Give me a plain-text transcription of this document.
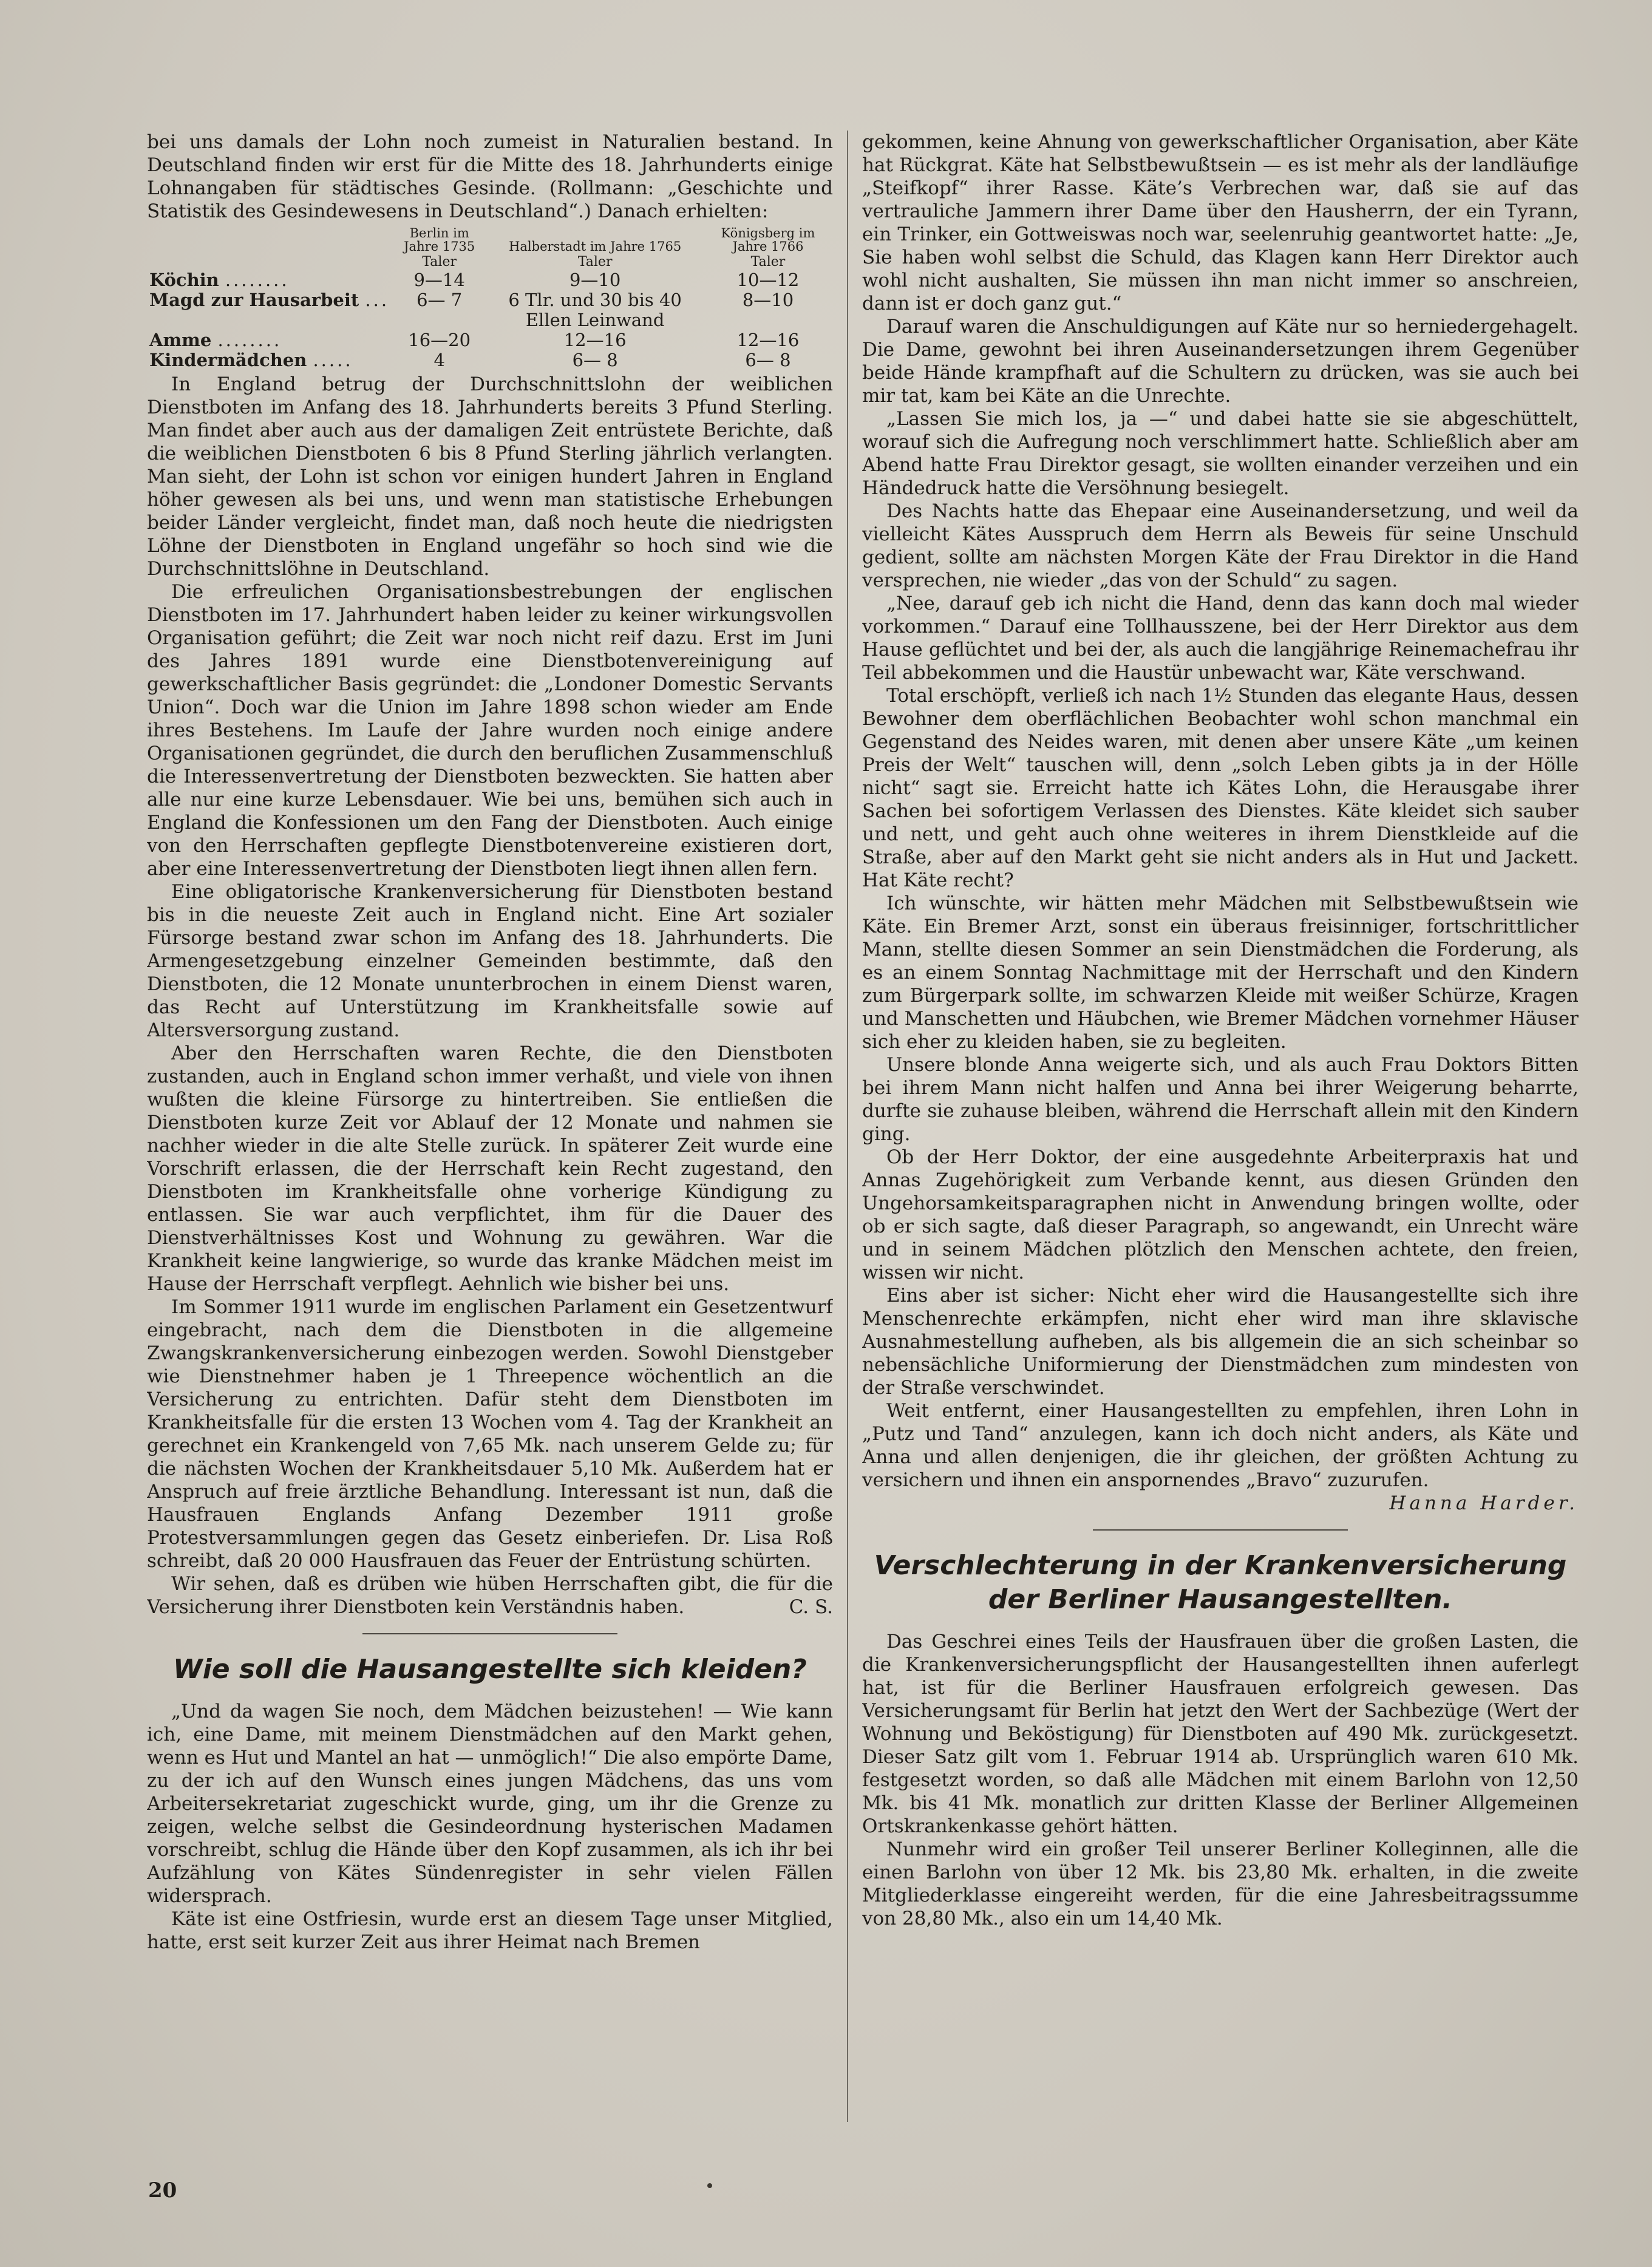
bei uns damals der Lohn noch zumeist in Naturalien bestand. In Deutschland finden wir erst für die Mitte des 18. Jahrhunderts einige Lohnangaben für städtisches Gesinde. (Rollmann: „Geschichte und Statistik des Gesindewesens in Deutschland“.) Danach erhielten:

	Berlin im Jahre 1735	Halberstadt im Jahre 1765	Königsberg im Jahre 1766
	Taler	Taler	Taler
Köchin ........	9—14	9—10	10—12
Magd zur Hausarbeit ...	6— 7	6 Tlr. und 30 bis 40 Ellen Leinwand	8—10
Amme ........	16—20	12—16	12—16
Kindermädchen .....	4	6— 8	6— 8

In England betrug der Durchschnittslohn der weiblichen Dienstboten im Anfang des 18. Jahrhunderts bereits 3 Pfund Sterling. Man findet aber auch aus der damaligen Zeit entrüstete Berichte, daß die weiblichen Dienstboten 6 bis 8 Pfund Sterling jährlich verlangten. Man sieht, der Lohn ist schon vor einigen hundert Jahren in England höher gewesen als bei uns, und wenn man statistische Erhebungen beider Länder vergleicht, findet man, daß noch heute die niedrigsten Löhne der Dienstboten in England ungefähr so hoch sind wie die Durchschnittslöhne in Deutschland.

Die erfreulichen Organisationsbestrebungen der englischen Dienstboten im 17. Jahrhundert haben leider zu keiner wirkungsvollen Organisation geführt; die Zeit war noch nicht reif dazu. Erst im Juni des Jahres 1891 wurde eine Dienstbotenvereinigung auf gewerkschaftlicher Basis gegründet: die „Londoner Domestic Servants Union“. Doch war die Union im Jahre 1898 schon wieder am Ende ihres Bestehens. Im Laufe der Jahre wurden noch einige andere Organisationen gegründet, die durch den beruflichen Zusammenschluß die Interessenvertretung der Dienstboten bezweckten. Sie hatten aber alle nur eine kurze Lebensdauer. Wie bei uns, bemühen sich auch in England die Konfessionen um den Fang der Dienstboten. Auch einige von den Herrschaften gepflegte Dienstbotenvereine existieren dort, aber eine Interessenvertretung der Dienstboten liegt ihnen allen fern.

Eine obligatorische Krankenversicherung für Dienstboten bestand bis in die neueste Zeit auch in England nicht. Eine Art sozialer Fürsorge bestand zwar schon im Anfang des 18. Jahrhunderts. Die Armengesetzgebung einzelner Gemeinden bestimmte, daß den Dienstboten, die 12 Monate ununterbrochen in einem Dienst waren, das Recht auf Unterstützung im Krankheitsfalle sowie auf Altersversorgung zustand.

Aber den Herrschaften waren Rechte, die den Dienstboten zustanden, auch in England schon immer verhaßt, und viele von ihnen wußten die kleine Fürsorge zu hintertreiben. Sie entließen die Dienstboten kurze Zeit vor Ablauf der 12 Monate und nahmen sie nachher wieder in die alte Stelle zurück. In späterer Zeit wurde eine Vorschrift erlassen, die der Herrschaft kein Recht zugestand, den Dienstboten im Krankheitsfalle ohne vorherige Kündigung zu entlassen. Sie war auch verpflichtet, ihm für die Dauer des Dienstverhältnisses Kost und Wohnung zu gewähren. War die Krankheit keine langwierige, so wurde das kranke Mädchen meist im Hause der Herrschaft verpflegt. Aehnlich wie bisher bei uns.

Im Sommer 1911 wurde im englischen Parlament ein Gesetzentwurf eingebracht, nach dem die Dienstboten in die allgemeine Zwangskrankenversicherung einbezogen werden. Sowohl Dienstgeber wie Dienstnehmer haben je 1 Threepence wöchentlich an die Versicherung zu entrichten. Dafür steht dem Dienstboten im Krankheitsfalle für die ersten 13 Wochen vom 4. Tag der Krankheit an gerechnet ein Krankengeld von 7,65 Mk. nach unserem Gelde zu; für die nächsten Wochen der Krankheitsdauer 5,10 Mk. Außerdem hat er Anspruch auf freie ärztliche Behandlung. Interessant ist nun, daß die Hausfrauen Englands Anfang Dezember 1911 große Protestversammlungen gegen das Gesetz einberiefen. Dr. Lisa Roß schreibt, daß 20 000 Hausfrauen das Feuer der Entrüstung schürten.

Wir sehen, daß es drüben wie hüben Herrschaften gibt, die für die Versicherung ihrer Dienstboten kein Verständnis haben.	C. S.

Wie soll die Hausangestellte sich kleiden?

„Und da wagen Sie noch, dem Mädchen beizustehen! — Wie kann ich, eine Dame, mit meinem Dienstmädchen auf den Markt gehen, wenn es Hut und Mantel an hat — unmöglich!“ Die also empörte Dame, zu der ich auf den Wunsch eines jungen Mädchens, das uns vom Arbeitersekretariat zugeschickt wurde, ging, um ihr die Grenze zu zeigen, welche selbst die Gesindeordnung hysterischen Madamen vorschreibt, schlug die Hände über den Kopf zusammen, als ich ihr bei Aufzählung von Kätes Sündenregister in sehr vielen Fällen widersprach.

Käte ist eine Ostfriesin, wurde erst an diesem Tage unser Mitglied, hatte, erst seit kurzer Zeit aus ihrer Heimat nach Bremen

gekommen, keine Ahnung von gewerkschaftlicher Organisation, aber Käte hat Rückgrat. Käte hat Selbstbewußtsein — es ist mehr als der landläufige „Steifkopf“ ihrer Rasse. Käte’s Verbrechen war, daß sie auf das vertrauliche Jammern ihrer Dame über den Hausherrn, der ein Tyrann, ein Trinker, ein Gottweiswas noch war, seelenruhig geantwortet hatte: „Je, Sie haben wohl selbst die Schuld, das Klagen kann Herr Direktor auch wohl nicht aushalten, Sie müssen ihn man nicht immer so anschreien, dann ist er doch ganz gut.“

Darauf waren die Anschuldigungen auf Käte nur so herniedergehagelt. Die Dame, gewohnt bei ihren Auseinandersetzungen ihrem Gegenüber beide Hände krampfhaft auf die Schultern zu drücken, was sie auch bei mir tat, kam bei Käte an die Unrechte.

„Lassen Sie mich los, ja —“ und dabei hatte sie sie abgeschüttelt, worauf sich die Aufregung noch verschlimmert hatte. Schließlich aber am Abend hatte Frau Direktor gesagt, sie wollten einander verzeihen und ein Händedruck hatte die Versöhnung besiegelt.

Des Nachts hatte das Ehepaar eine Auseinandersetzung, und weil da vielleicht Kätes Ausspruch dem Herrn als Beweis für seine Unschuld gedient, sollte am nächsten Morgen Käte der Frau Direktor in die Hand versprechen, nie wieder „das von der Schuld“ zu sagen.

„Nee, darauf geb ich nicht die Hand, denn das kann doch mal wieder vorkommen.“ Darauf eine Tollhausszene, bei der Herr Direktor aus dem Hause geflüchtet und bei der, als auch die langjährige Reinemachefrau ihr Teil abbekommen und die Haustür unbewacht war, Käte verschwand.

Total erschöpft, verließ ich nach 1½ Stunden das elegante Haus, dessen Bewohner dem oberflächlichen Beobachter wohl schon manchmal ein Gegenstand des Neides waren, mit denen aber unsere Käte „um keinen Preis der Welt“ tauschen will, denn „solch Leben gibts ja in der Hölle nicht“ sagt sie. Erreicht hatte ich Kätes Lohn, die Herausgabe ihrer Sachen bei sofortigem Verlassen des Dienstes. Käte kleidet sich sauber und nett, und geht auch ohne weiteres in ihrem Dienstkleide auf die Straße, aber auf den Markt geht sie nicht anders als in Hut und Jackett. Hat Käte recht?

Ich wünschte, wir hätten mehr Mädchen mit Selbstbewußtsein wie Käte. Ein Bremer Arzt, sonst ein überaus freisinniger, fortschrittlicher Mann, stellte diesen Sommer an sein Dienstmädchen die Forderung, als es an einem Sonntag Nachmittage mit der Herrschaft und den Kindern zum Bürgerpark sollte, im schwarzen Kleide mit weißer Schürze, Kragen und Manschetten und Häubchen, wie Bremer Mädchen vornehmer Häuser sich eher zu kleiden haben, sie zu begleiten.

Unsere blonde Anna weigerte sich, und als auch Frau Doktors Bitten bei ihrem Mann nicht halfen und Anna bei ihrer Weigerung beharrte, durfte sie zuhause bleiben, während die Herrschaft allein mit den Kindern ging.

Ob der Herr Doktor, der eine ausgedehnte Arbeiterpraxis hat und Annas Zugehörigkeit zum Verbande kennt, aus diesen Gründen den Ungehorsamkeitsparagraphen nicht in Anwendung bringen wollte, oder ob er sich sagte, daß dieser Paragraph, so angewandt, ein Unrecht wäre und in seinem Mädchen plötzlich den Menschen achtete, den freien, wissen wir nicht.

Eins aber ist sicher: Nicht eher wird die Hausangestellte sich ihre Menschenrechte erkämpfen, nicht eher wird man ihre sklavische Ausnahmestellung aufheben, als bis allgemein die an sich scheinbar so nebensächliche Uniformierung der Dienstmädchen zum mindesten von der Straße verschwindet.

Weit entfernt, einer Hausangestellten zu empfehlen, ihren Lohn in „Putz und Tand“ anzulegen, kann ich doch nicht anders, als Käte und Anna und allen denjenigen, die ihr gleichen, der größten Achtung zu versichern und ihnen ein anspornendes „Bravo“ zuzurufen.

Hanna Harder.
Verschlechterung in der Krankenversicherung der Berliner Hausangestellten.

Das Geschrei eines Teils der Hausfrauen über die großen Lasten, die die Krankenversicherungspflicht der Hausangestellten ihnen auferlegt hat, ist für die Berliner Hausfrauen erfolgreich gewesen. Das Versicherungsamt für Berlin hat jetzt den Wert der Sachbezüge (Wert der Wohnung und Beköstigung) für Dienstboten auf 490 Mk. zurückgesetzt. Dieser Satz gilt vom 1. Februar 1914 ab. Ursprünglich waren 610 Mk. festgesetzt worden, so daß alle Mädchen mit einem Barlohn von 12,50 Mk. bis 41 Mk. monatlich zur dritten Klasse der Berliner Allgemeinen Ortskrankenkasse gehört hätten.

Nunmehr wird ein großer Teil unserer Berliner Kolleginnen, alle die einen Barlohn von über 12 Mk. bis 23,80 Mk. erhalten, in die zweite Mitgliederklasse eingereiht werden, für die eine Jahresbeitragssumme von 28,80 Mk., also ein um 14,40 Mk.

20
